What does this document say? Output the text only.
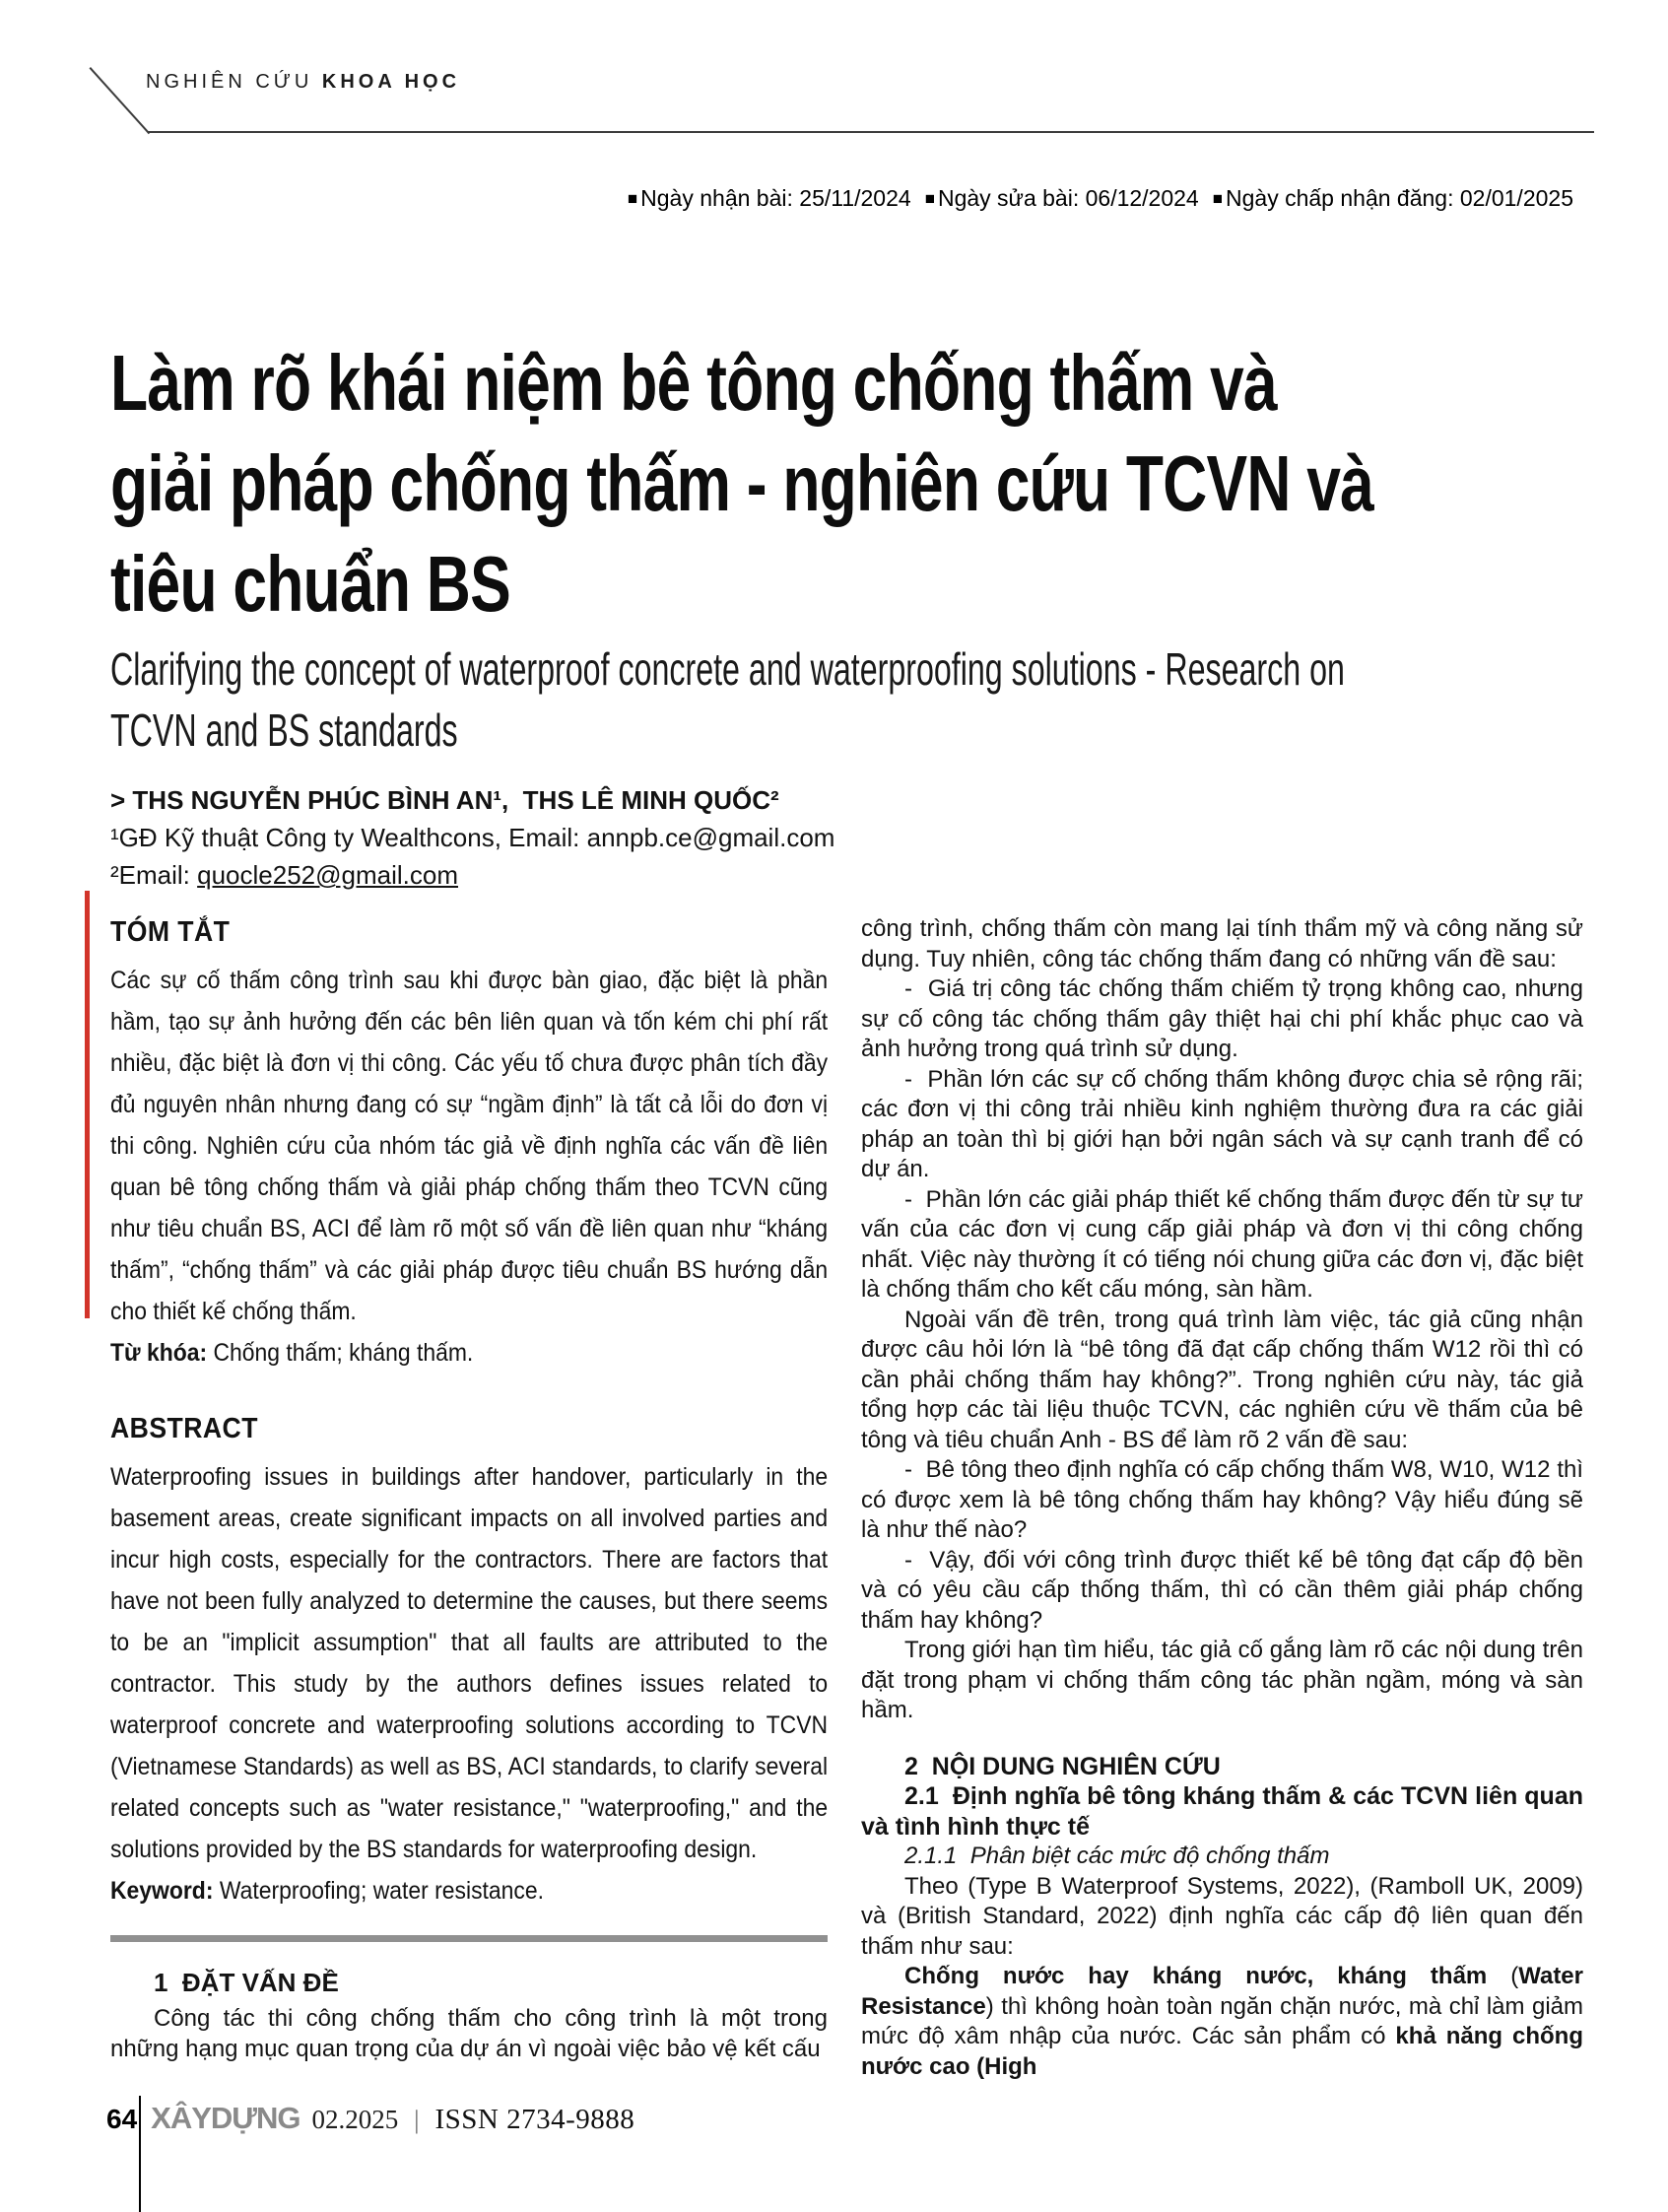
NGHIÊN CỨU KHOA HỌC
■ Ngày nhận bài: 25/11/2024 ■ Ngày sửa bài: 06/12/2024 ■ Ngày chấp nhận đăng: 02/01/2025
Làm rõ khái niệm bê tông chống thấm và
giải pháp chống thấm - nghiên cứu TCVN và
tiêu chuẩn BS
Clarifying the concept of waterproof concrete and waterproofing solutions - Research on
TCVN and BS standards
> THS NGUYỄN PHÚC BÌNH AN¹,  THS LÊ MINH QUỐC²
¹GĐ Kỹ thuật Công ty Wealthcons, Email: annpb.ce@gmail.com
²Email: quocle252@gmail.com

TÓM TẮT

Các sự cố thấm công trình sau khi được bàn giao, đặc biệt là phần hầm, tạo sự ảnh hưởng đến các bên liên quan và tốn kém chi phí rất nhiều, đặc biệt là đơn vị thi công. Các yếu tố chưa được phân tích đầy đủ nguyên nhân nhưng đang có sự “ngầm định” là tất cả lỗi do đơn vị thi công. Nghiên cứu của nhóm tác giả về định nghĩa các vấn đề liên quan bê tông chống thấm và giải pháp chống thấm theo TCVN cũng như tiêu chuẩn BS, ACI để làm rõ một số vấn đề liên quan như “kháng thấm”, “chống thấm” và các giải pháp được tiêu chuẩn BS hướng dẫn cho thiết kế chống thấm.

Từ khóa: Chống thấm; kháng thấm.

ABSTRACT

Waterproofing issues in buildings after handover, particularly in the basement areas, create significant impacts on all involved parties and incur high costs, especially for the contractors. There are factors that have not been fully analyzed to determine the causes, but there seems to be an "implicit assumption" that all faults are attributed to the contractor. This study by the authors defines issues related to waterproof concrete and waterproofing solutions according to TCVN (Vietnamese Standards) as well as BS, ACI standards, to clarify several related concepts such as "water resistance," "waterproofing," and the solutions provided by the BS standards for waterproofing design.

Keyword: Waterproofing; water resistance.

1  ĐẶT VẤN ĐỀ

Công tác thi công chống thấm cho công trình là một trong những hạng mục quan trọng của dự án vì ngoài việc bảo vệ kết cấu

công trình, chống thấm còn mang lại tính thẩm mỹ và công năng sử dụng. Tuy nhiên, công tác chống thấm đang có những vấn đề sau:

-  Giá trị công tác chống thấm chiếm tỷ trọng không cao, nhưng sự cố công tác chống thấm gây thiệt hại chi phí khắc phục cao và ảnh hưởng trong quá trình sử dụng.

-  Phần lớn các sự cố chống thấm không được chia sẻ rộng rãi; các đơn vị thi công trải nhiều kinh nghiệm thường đưa ra các giải pháp an toàn thì bị giới hạn bởi ngân sách và sự cạnh tranh để có dự án.

-  Phần lớn các giải pháp thiết kế chống thấm được đến từ sự tư vấn của các đơn vị cung cấp giải pháp và đơn vị thi công chống nhất. Việc này thường ít có tiếng nói chung giữa các đơn vị, đặc biệt là chống thấm cho kết cấu móng, sàn hầm.

Ngoài vấn đề trên, trong quá trình làm việc, tác giả cũng nhận được câu hỏi lớn là “bê tông đã đạt cấp chống thấm W12 rồi thì có cần phải chống thấm hay không?”. Trong nghiên cứu này, tác giả tổng hợp các tài liệu thuộc TCVN, các nghiên cứu về thấm của bê tông và tiêu chuẩn Anh - BS để làm rõ 2 vấn đề sau:

-  Bê tông theo định nghĩa có cấp chống thấm W8, W10, W12 thì có được xem là bê tông chống thấm hay không? Vậy hiểu đúng sẽ là như thế nào?

-  Vậy, đối với công trình được thiết kế bê tông đạt cấp độ bền và có yêu cầu cấp thống thấm, thì có cần thêm giải pháp chống thấm hay không?

Trong giới hạn tìm hiểu, tác giả cố gắng làm rõ các nội dung trên đặt trong phạm vi chống thấm công tác phần ngầm, móng và sàn hầm.

2  NỘI DUNG NGHIÊN CỨU

2.1  Định nghĩa bê tông kháng thấm & các TCVN liên quan và tình hình thực tế

2.1.1  Phân biệt các mức độ chống thấm

Theo (Type B Waterproof Systems, 2022), (Ramboll UK, 2009) và (British Standard, 2022) định nghĩa các cấp độ liên quan đến thấm như sau:

Chống nước hay kháng nước, kháng thấm (Water Resistance) thì không hoàn toàn ngăn chặn nước, mà chỉ làm giảm mức độ xâm nhập của nước. Các sản phẩm có khả năng chống nước cao (High

64 XÂYDỰNG 02.2025 | ISSN 2734-9888
